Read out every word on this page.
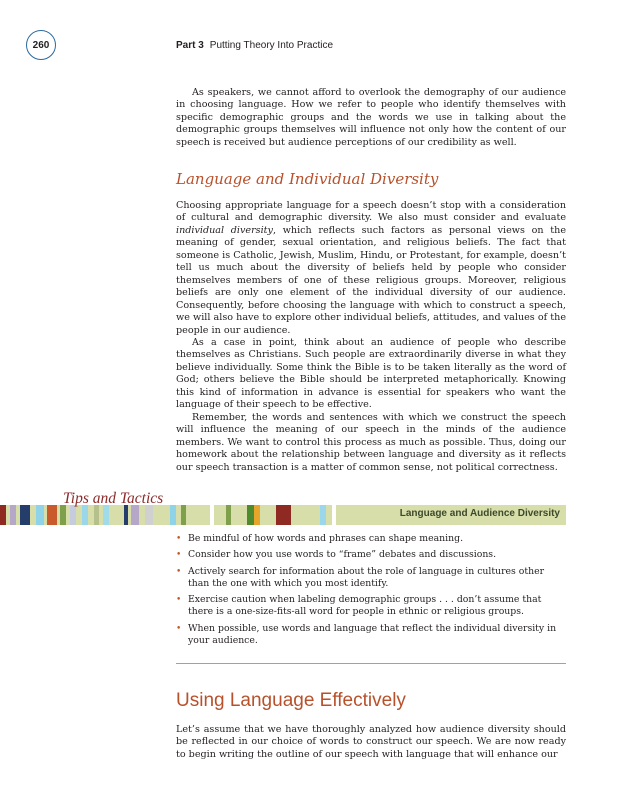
260	Part 3 Putting Theory Into Practice

As speakers, we cannot afford to overlook the demography of our audience in choosing language. How we refer to people who identify themselves with specific demographic groups and the words we use in talking about the demographic groups themselves will influence not only how the content of our speech is received but audience perceptions of our credibility as well.

Language and Individual Diversity

Choosing appropriate language for a speech doesn’t stop with a consideration of cultural and demographic diversity. We also must consider and evaluate individual diversity, which reflects such factors as personal views on the meaning of gender, sexual orientation, and religious beliefs. The fact that someone is Catholic, Jewish, Muslim, Hindu, or Protestant, for example, doesn’t tell us much about the diversity of beliefs held by people who consider themselves members of one of these religious groups. Moreover, religious beliefs are only one element of the individual diversity of our audience. Consequently, before choosing the language with which to construct a speech, we will also have to explore other individual beliefs, attitudes, and values of the people in our audience.

As a case in point, think about an audience of people who describe themselves as Christians. Such people are extraordinarily diverse in what they believe individually. Some think the Bible is to be taken literally as the word of God; others believe the Bible should be interpreted metaphorically. Knowing this kind of information in advance is essential for speakers who want the language of their speech to be effective.

Remember, the words and sentences with which we construct the speech will influence the meaning of our speech in the minds of the audience members. We want to control this process as much as possible. Thus, doing our homework about the relationship between language and diversity as it reflects our speech transaction is a matter of common sense, not political correctness.

Language and Audience Diversity
Tips and Tactics
• Be mindful of how words and phrases can shape meaning.
• Consider how you use words to “frame” debates and discussions.
• Actively search for information about the role of language in cultures other than the one with which you most identify.
• Exercise caution when labeling demographic groups . . . don’t assume that there is a one-size-fits-all word for people in ethnic or religious groups.
• When possible, use words and language that reflect the individual diversity in your audience.
Using Language Effectively

Let’s assume that we have thoroughly analyzed how audience diversity should be reflected in our choice of words to construct our speech. We are now ready to begin writing the outline of our speech with language that will enhance our
